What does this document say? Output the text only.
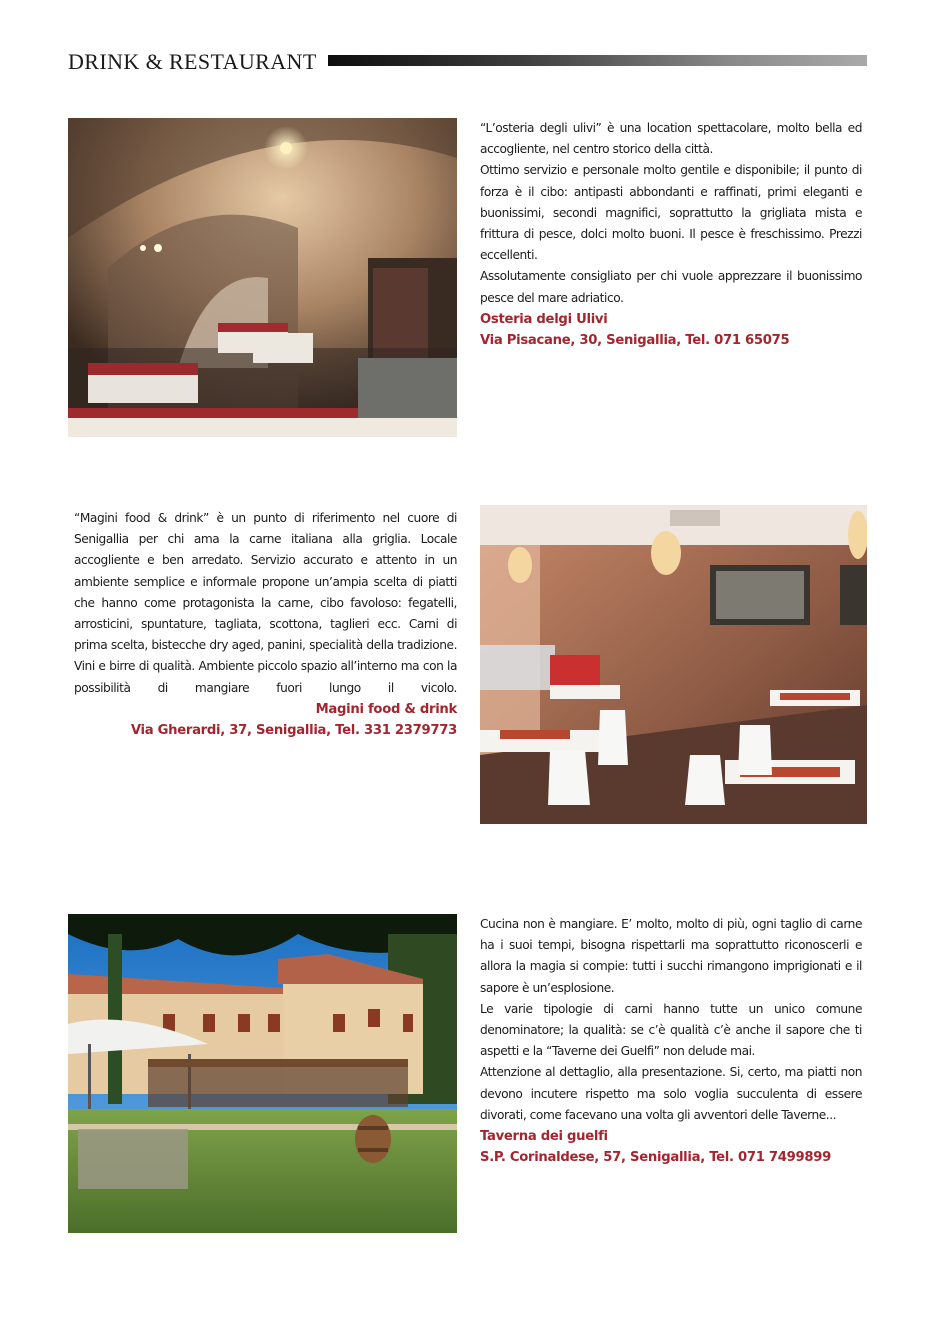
DRINK & RESTAURANT

“L’osteria degli ulivi” è una location spettacolare, molto bella ed accogliente, nel centro storico della città.

Ottimo servizio e personale molto gentile e disponibile; il punto di forza è il cibo: antipasti abbondanti e raffinati, primi eleganti e buonissimi, secondi magnifici, soprattutto la grigliata mista e frittura di pesce, dolci molto buoni. Il pesce è freschissimo. Prezzi eccellenti.

Assolutamente consigliato per chi vuole apprezzare il buonissimo pesce del mare adriatico.

Osteria delgi Ulivi

Via Pisacane, 30, Senigallia, Tel. 071 65075

“Magini food & drink” è un punto di riferimento nel cuore di Senigallia per chi ama la carne italiana alla griglia. Locale accogliente e ben arredato. Servizio accurato e attento in un ambiente semplice e informale propone un’ampia scelta di piatti che hanno come protagonista la carne, cibo favoloso: fegatelli, arrosticini, spuntature, tagliata, scottona, taglieri ecc. Carni di prima scelta, bistecche dry aged, panini, specialità della tradizione. Vini e birre di qualità. Ambiente piccolo spazio all’interno ma con la possibilità di mangiare fuori lungo il vicolo.

Magini food & drink

Via Gherardi, 37, Senigallia, Tel. 331 2379773

Cucina non è mangiare. E’ molto, molto di più, ogni taglio di carne ha i suoi tempi, bisogna rispettarli ma soprattutto riconoscerli e allora la magia si compie: tutti i succhi rimangono imprigionati e il sapore è un’esplosione.

Le varie tipologie di carni hanno tutte un unico comune denominatore; la qualità: se c’è qualità c’è anche il sapore che ti aspetti e la “Taverne dei Guelfi” non delude mai.

Attenzione al dettaglio, alla presentazione. Si, certo, ma piatti non devono incutere rispetto ma solo voglia succulenta di essere divorati, come facevano una volta gli avventori delle Taverne...

Taverna dei guelfi

S.P. Corinaldese, 57, Senigallia, Tel. 071 7499899
